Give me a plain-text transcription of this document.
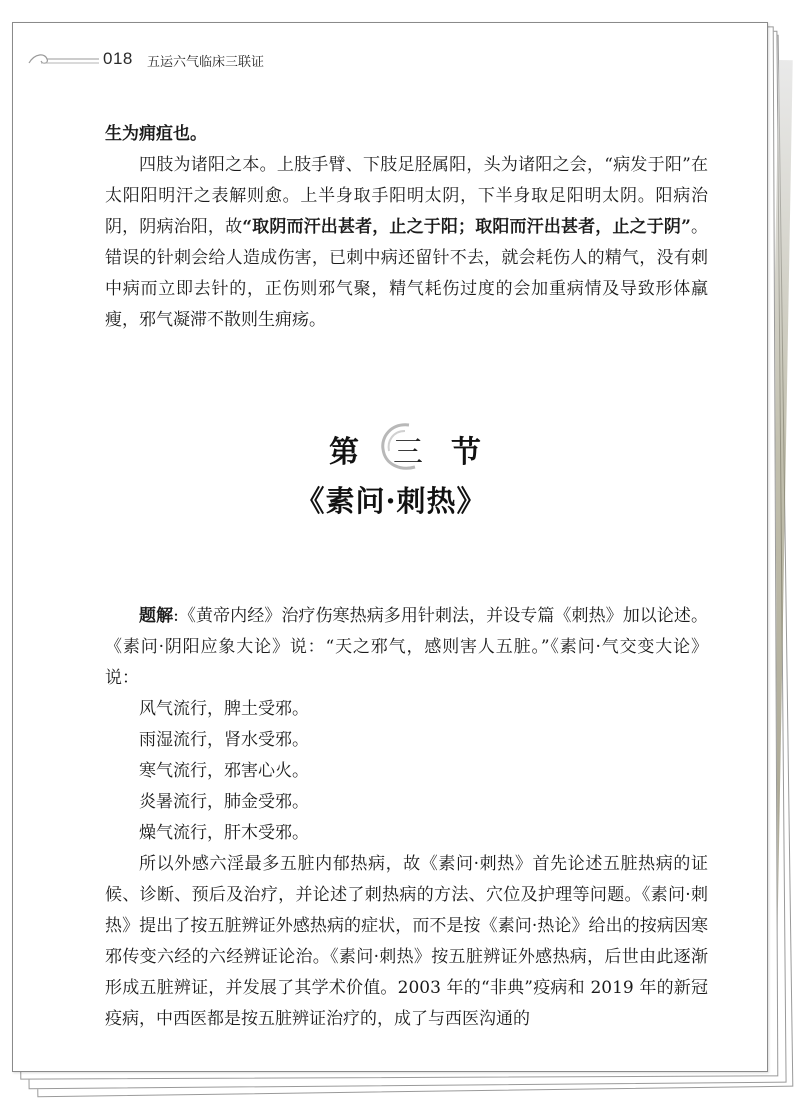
018 五运六气临床三联证

生为痈疽也。

四肢为诸阳之本。上肢手臂、下肢足胫属阳，头为诸阳之会，“病发于阳”在太阳阳明汗之表解则愈。上半身取手阳明太阴，下半身取足阳明太阴。阳病治阴，阴病治阳，故“取阴而汗出甚者，止之于阳；取阳而汗出甚者，止之于阴”。错误的针刺会给人造成伤害，已刺中病还留针不去，就会耗伤人的精气，没有刺中病而立即去针的，正伤则邪气聚，精气耗伤过度的会加重病情及导致形体羸瘦，邪气凝滞不散则生痈疡。

第 三 节
《素问·刺热》

题解:《黄帝内经》治疗伤寒热病多用针刺法，并设专篇《刺热》加以论述。《素问·阴阳应象大论》说：“天之邪气，感则害人五脏。”《素问·气交变大论》说：

风气流行，脾土受邪。

雨湿流行，肾水受邪。

寒气流行，邪害心火。

炎暑流行，肺金受邪。

燥气流行，肝木受邪。

所以外感六淫最多五脏内郁热病，故《素问·刺热》首先论述五脏热病的证候、诊断、预后及治疗，并论述了刺热病的方法、穴位及护理等问题。《素问·刺热》提出了按五脏辨证外感热病的症状，而不是按《素问·热论》给出的按病因寒邪传变六经的六经辨证论治。《素问·刺热》按五脏辨证外感热病，后世由此逐渐形成五脏辨证，并发展了其学术价值。2003 年的“非典”疫病和 2019 年的新冠疫病，中西医都是按五脏辨证治疗的，成了与西医沟通的
